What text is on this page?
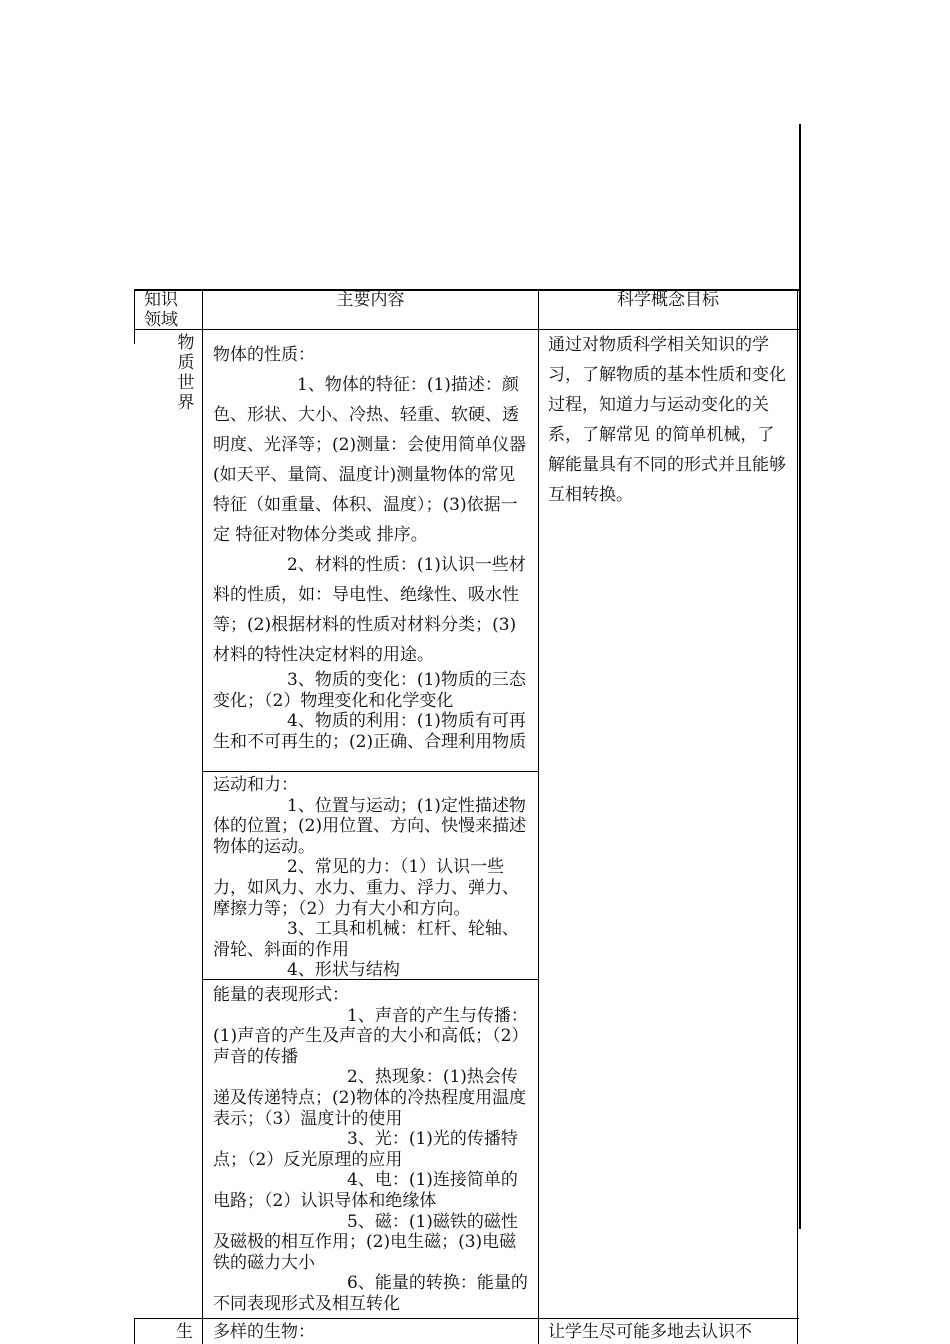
知识
领域
主要内容	科学概念目标
物
质
世
界
通过对物质科学相关知识的学习，了解物质的基本性质和变化过程，知道力与运动变化的关系，了解常见 的简单机械，了解能量具有不同的形式并且能够互相转换。

物体的性质：

1、物体的特征：(1)描述：颜色、形状、大小、冷热、轻重、软硬、透明度、光泽等；(2)测量：会使用简单仪器(如天平、量筒、温度计)测量物体的常见特征（如重量、体积、温度）；(3)依据一定 特征对物体分类或 排序。

2、材料的性质：(1)认识一些材料的性质，如：导电性、绝缘性、吸水性等；(2)根据材料的性质对材料分类；(3)材料的特性决定材料的用途。

3、物质的变化：(1)物质的三态变化；（2）物理变化和化学变化

4、物质的利用：(1)物质有可再生和不可再生的；(2)正确、合理利用物质

运动和力：

1、位置与运动；(1)定性描述物体的位置；(2)用位置、方向、快慢来描述物体的运动。

2、常见的力：（1）认识一些力，如风力、水力、重力、浮力、弹力、摩擦力等；（2）力有大小和方向。

3、工具和机械：杠杆、轮轴、滑轮、斜面的作用

4、形状与结构

能量的表现形式：

1、声音的产生与传播：(1)声音的产生及声音的大小和高低；（2）声音的传播

2、热现象：(1)热会传递及传递特点；(2)物体的冷热程度用温度表示；（3）温度计的使用

3、光：(1)光的传播特点；（2）反光原理的应用

4、电：(1)连接简单的电路；（2）认识导体和绝缘体

5、磁：(1)磁铁的磁性及磁极的相互作用；(2)电生磁；(3)电磁铁的磁力大小

6、能量的转换：能量的不同表现形式及相互转化

生 多样的生物：	让学生尽可能多地去认识不
